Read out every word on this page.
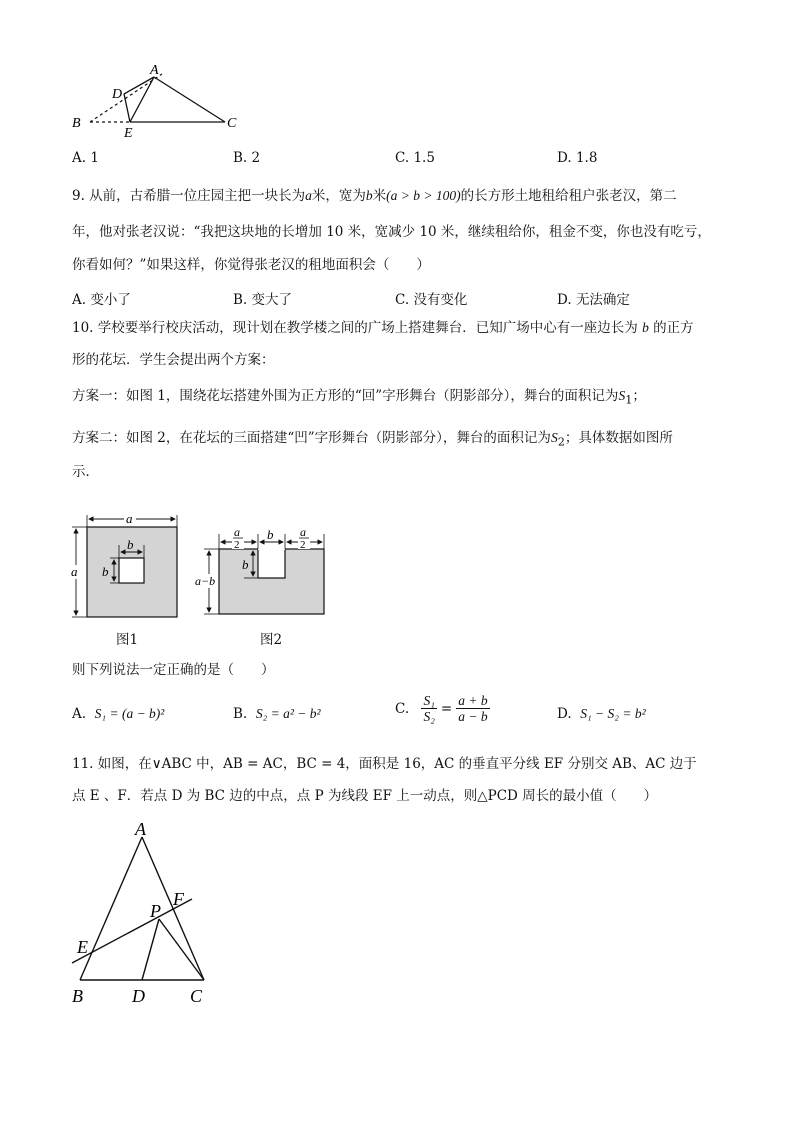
A
D
B
E
C
A. 1	B. 2	C. 1.5	D. 1.8
9. 从前，古希腊一位庄园主把一块长为a米，宽为b米(a > b > 100)的长方形土地租给租户张老汉，第二
年，他对张老汉说：“我把这块地的长增加 10 米，宽减少 10 米，继续租给你，租金不变，你也没有吃亏，
你看如何？”如果这样，你觉得张老汉的租地面积会（　　）
A. 变小了	B. 变大了	C. 没有变化	D. 无法确定
10. 学校要举行校庆活动，现计划在教学楼之间的广场上搭建舞台．已知广场中心有一座边长为 b 的正方
形的花坛．学生会提出两个方案：
方案一：如图 1，围绕花坛搭建外围为正方形的“回”字形舞台（阴影部分），舞台的面积记为$S_1$；
方案二：如图 2，在花坛的三面搭建“凹”字形舞台（阴影部分），舞台的面积记为$S_2$；具体数据如图所
示．
a
a
b
b
图1
a
2
b a
2
b
a−b
图2
则下列说法一定正确的是（　　）
A. S₁ = (a − b)²	B. S₂ = a² − b²	C.
$\frac{\text{S₁}}{\text{S₂}} = \frac{a + b}{a - b}$	D. S₁ − S₂ = b²
11. 如图，在∨ABC 中，AB = AC，BC = 4，面积是 16，AC 的垂直平分线 EF 分别交 AB、AC 边于
点 E 、F．若点 D 为 BC 边的中点，点 P 为线段 EF 上一动点，则△PCD 周长的最小值（　　）
A
F
P
E
B	D	C
